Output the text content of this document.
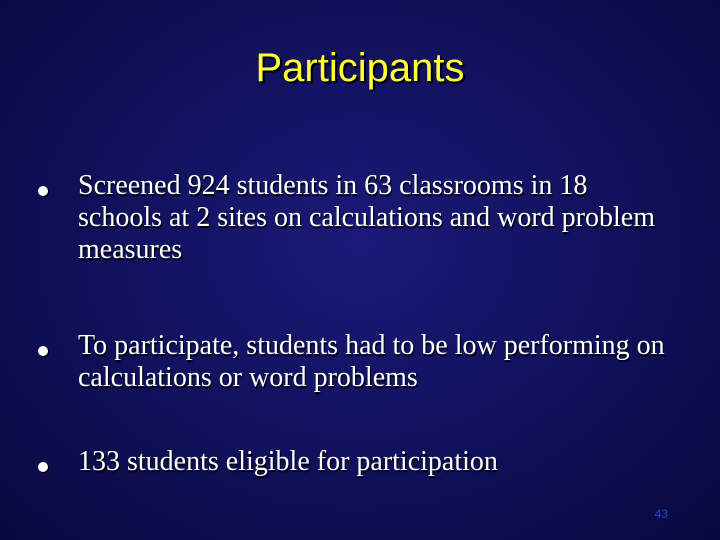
Participants
Screened 924 students in 63 classrooms in 18 schools at 2 sites on calculations and word problem measures
To participate, students had to be low performing on calculations or word problems
133 students eligible for participation
43
